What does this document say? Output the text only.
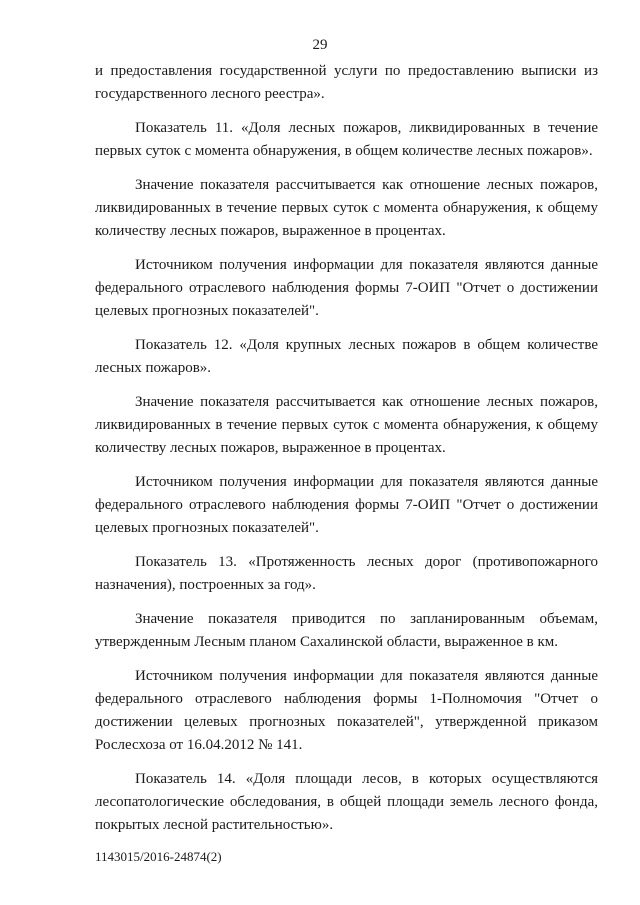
29

и предоставления государственной услуги по предоставлению выписки из государственного лесного реестра».

Показатель 11. «Доля лесных пожаров, ликвидированных в течение первых суток с момента обнаружения, в общем количестве лесных пожаров».

Значение показателя рассчитывается как отношение лесных пожаров, ликвидированных в течение первых суток с момента обнаружения, к общему количеству лесных пожаров, выраженное в процентах.

Источником получения информации для показателя являются данные федерального отраслевого наблюдения формы 7-ОИП "Отчет о достижении целевых прогнозных показателей".

Показатель 12. «Доля крупных лесных пожаров в общем количестве лесных пожаров».

Значение показателя рассчитывается как отношение лесных пожаров, ликвидированных в течение первых суток с момента обнаружения, к общему количеству лесных пожаров, выраженное в процентах.

Источником получения информации для показателя являются данные федерального отраслевого наблюдения формы 7-ОИП "Отчет о достижении целевых прогнозных показателей".

Показатель 13. «Протяженность лесных дорог (противопожарного назначения), построенных за год».

Значение показателя приводится по запланированным объемам, утвержденным Лесным планом Сахалинской области, выраженное в км.

Источником получения информации для показателя являются данные федерального отраслевого наблюдения формы 1-Полномочия "Отчет о достижении целевых прогнозных показателей", утвержденной приказом Рослесхоза от 16.04.2012 № 141.

Показатель 14. «Доля площади лесов, в которых осуществляются лесопатологические обследования, в общей площади земель лесного фонда, покрытых лесной растительностью».

1143015/2016-24874(2)
